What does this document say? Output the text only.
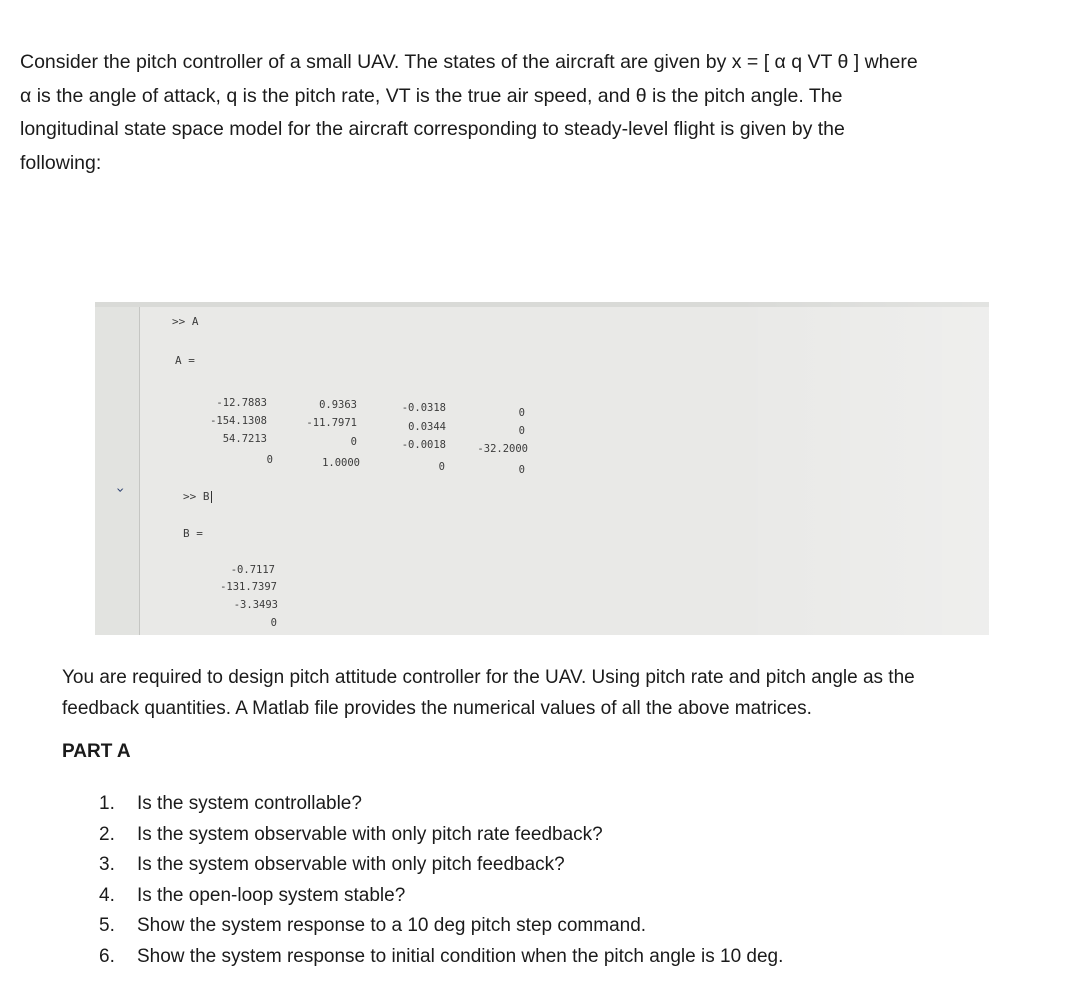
Consider the pitch controller of a small UAV. The states of the aircraft are given by x = [ α q VT θ ] where
α is the angle of attack, q is the pitch rate, VT is the true air speed, and θ is the pitch angle. The
longitudinal state space model for the aircraft corresponding to steady-level flight is given by the
following:
›
>> A
A =
-12.7883	0.9363	-0.0318	0
-154.1308	-11.7971	0.0344	0
54.7213	0	-0.0018	-32.2000
0	1.0000	0	0
>> B
B =
-0.7117
-131.7397
-3.3493
0
You are required to design pitch attitude controller for the UAV. Using pitch rate and pitch angle as the
feedback quantities. A Matlab file provides the numerical values of all the above matrices.
PART A
1.	Is the system controllable?
2.	Is the system observable with only pitch rate feedback?
3.	Is the system observable with only pitch feedback?
4.	Is the open-loop system stable?
5.	Show the system response to a 10 deg pitch step command.
6.	Show the system response to initial condition when the pitch angle is 10 deg.
